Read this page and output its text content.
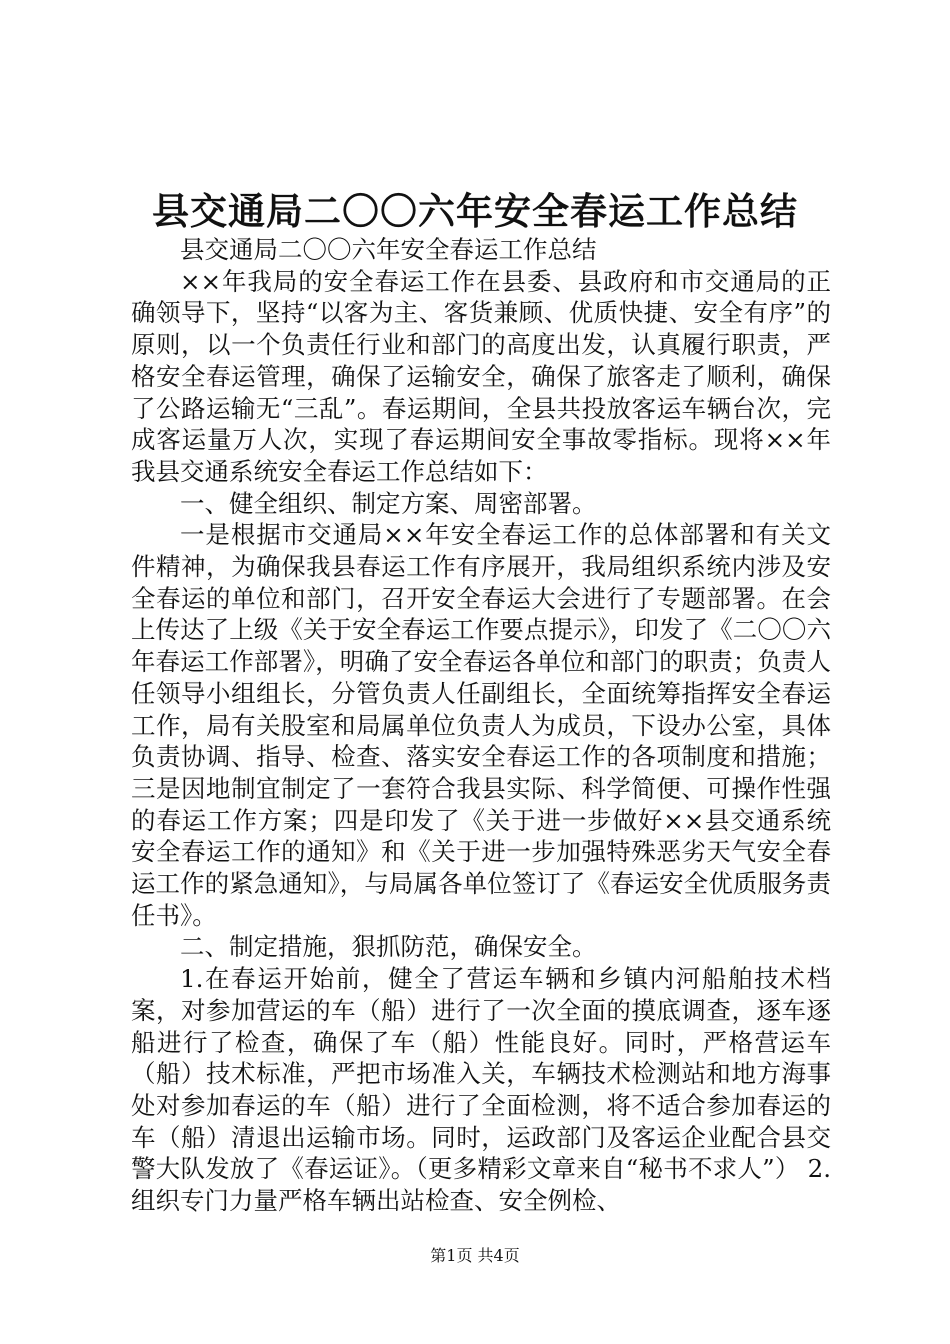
县交通局二〇〇六年安全春运工作总结

县交通局二〇〇六年安全春运工作总结

××年我局的安全春运工作在县委、县政府和市交通局的正确领导下，坚持“以客为主、客货兼顾、优质快捷、安全有序”的原则，以一个负责任行业和部门的高度出发，认真履行职责，严格安全春运管理，确保了运输安全，确保了旅客走了顺利，确保了公路运输无“三乱”。春运期间，全县共投放客运车辆台次，完成客运量万人次，实现了春运期间安全事故零指标。现将××年我县交通系统安全春运工作总结如下：

一、健全组织、制定方案、周密部署。

一是根据市交通局××年安全春运工作的总体部署和有关文件精神，为确保我县春运工作有序展开，我局组织系统内涉及安全春运的单位和部门，召开安全春运大会进行了专题部署。在会上传达了上级《关于安全春运工作要点提示》，印发了《二〇〇六年春运工作部署》，明确了安全春运各单位和部门的职责；负责人任领导小组组长，分管负责人任副组长，全面统筹指挥安全春运工作，局有关股室和局属单位负责人为成员，下设办公室，具体负责协调、指导、检查、落实安全春运工作的各项制度和措施；三是因地制宜制定了一套符合我县实际、科学简便、可操作性强的春运工作方案；四是印发了《关于进一步做好××县交通系统安全春运工作的通知》和《关于进一步加强特殊恶劣天气安全春运工作的紧急通知》，与局属各单位签订了《春运安全优质服务责任书》。

二、制定措施，狠抓防范，确保安全。

1.在春运开始前，健全了营运车辆和乡镇内河船舶技术档案，对参加营运的车（船）进行了一次全面的摸底调查，逐车逐船进行了检查，确保了车（船）性能良好。同时，严格营运车（船）技术标准，严把市场准入关，车辆技术检测站和地方海事处对参加春运的车（船）进行了全面检测，将不适合参加春运的车（船）清退出运输市场。同时，运政部门及客运企业配合县交警大队发放了《春运证》。（更多精彩文章来自“秘书不求人”） 2.组织专门力量严格车辆出站检查、安全例检、

第1页 共4页
